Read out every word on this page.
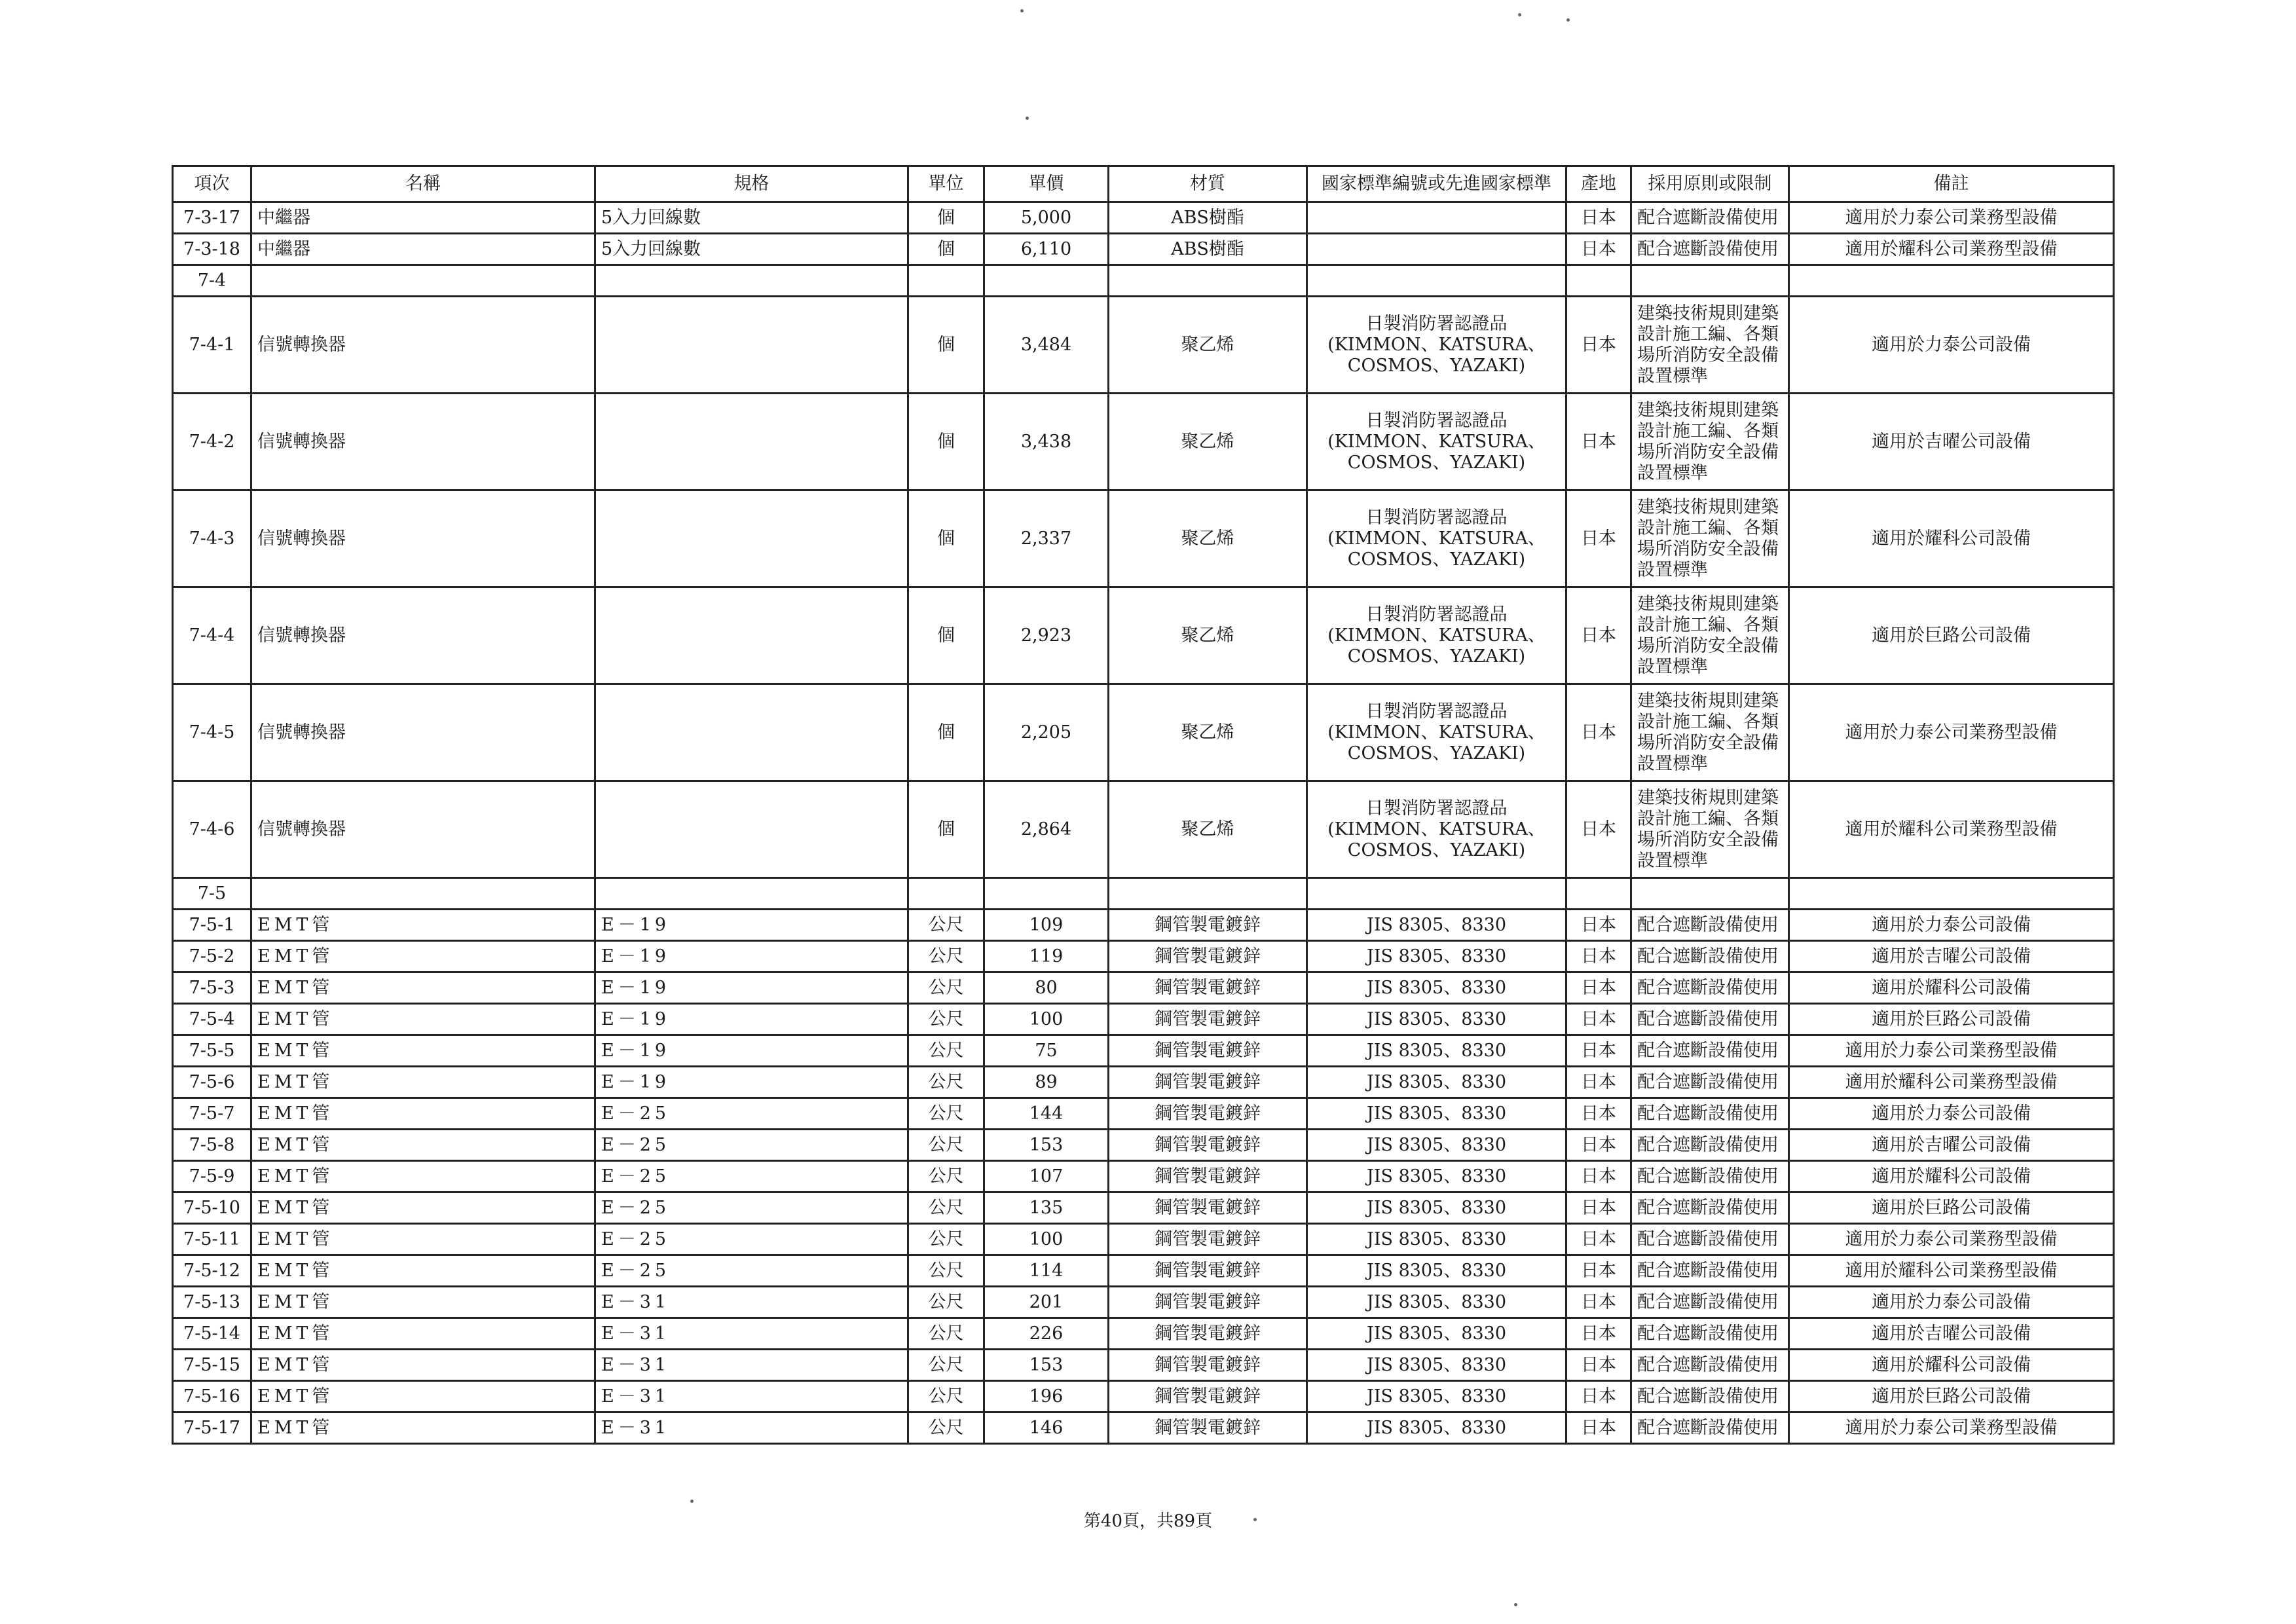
項次	名稱	規格	單位	單價	材質	國家標準編號或先進國家標準	產地	採用原則或限制	備註
7-3-17	中繼器	5入力回線數	個	5,000	ABS樹酯		日本	配合遮斷設備使用	適用於力泰公司業務型設備
7-3-18	中繼器	5入力回線數	個	6,110	ABS樹酯		日本	配合遮斷設備使用	適用於耀科公司業務型設備
7-4									
7-4-1	信號轉換器		個	3,484	聚乙烯	日製消防署認證品(KIMMON、KATSURA、COSMOS、YAZAKI)	日本	建築技術規則建築設計施工編、各類場所消防安全設備設置標準	適用於力泰公司設備
7-4-2	信號轉換器		個	3,438	聚乙烯	日製消防署認證品(KIMMON、KATSURA、COSMOS、YAZAKI)	日本	建築技術規則建築設計施工編、各類場所消防安全設備設置標準	適用於吉曜公司設備
7-4-3	信號轉換器		個	2,337	聚乙烯	日製消防署認證品(KIMMON、KATSURA、COSMOS、YAZAKI)	日本	建築技術規則建築設計施工編、各類場所消防安全設備設置標準	適用於耀科公司設備
7-4-4	信號轉換器		個	2,923	聚乙烯	日製消防署認證品(KIMMON、KATSURA、COSMOS、YAZAKI)	日本	建築技術規則建築設計施工編、各類場所消防安全設備設置標準	適用於巨路公司設備
7-4-5	信號轉換器		個	2,205	聚乙烯	日製消防署認證品(KIMMON、KATSURA、COSMOS、YAZAKI)	日本	建築技術規則建築設計施工編、各類場所消防安全設備設置標準	適用於力泰公司業務型設備
7-4-6	信號轉換器		個	2,864	聚乙烯	日製消防署認證品(KIMMON、KATSURA、COSMOS、YAZAKI)	日本	建築技術規則建築設計施工編、各類場所消防安全設備設置標準	適用於耀科公司業務型設備
7-5									
7-5-1	EMT管	E－19	公尺	109	鋼管製電鍍鋅	JIS 8305、8330	日本	配合遮斷設備使用	適用於力泰公司設備
7-5-2	EMT管	E－19	公尺	119	鋼管製電鍍鋅	JIS 8305、8330	日本	配合遮斷設備使用	適用於吉曜公司設備
7-5-3	EMT管	E－19	公尺	80	鋼管製電鍍鋅	JIS 8305、8330	日本	配合遮斷設備使用	適用於耀科公司設備
7-5-4	EMT管	E－19	公尺	100	鋼管製電鍍鋅	JIS 8305、8330	日本	配合遮斷設備使用	適用於巨路公司設備
7-5-5	EMT管	E－19	公尺	75	鋼管製電鍍鋅	JIS 8305、8330	日本	配合遮斷設備使用	適用於力泰公司業務型設備
7-5-6	EMT管	E－19	公尺	89	鋼管製電鍍鋅	JIS 8305、8330	日本	配合遮斷設備使用	適用於耀科公司業務型設備
7-5-7	EMT管	E－25	公尺	144	鋼管製電鍍鋅	JIS 8305、8330	日本	配合遮斷設備使用	適用於力泰公司設備
7-5-8	EMT管	E－25	公尺	153	鋼管製電鍍鋅	JIS 8305、8330	日本	配合遮斷設備使用	適用於吉曜公司設備
7-5-9	EMT管	E－25	公尺	107	鋼管製電鍍鋅	JIS 8305、8330	日本	配合遮斷設備使用	適用於耀科公司設備
7-5-10	EMT管	E－25	公尺	135	鋼管製電鍍鋅	JIS 8305、8330	日本	配合遮斷設備使用	適用於巨路公司設備
7-5-11	EMT管	E－25	公尺	100	鋼管製電鍍鋅	JIS 8305、8330	日本	配合遮斷設備使用	適用於力泰公司業務型設備
7-5-12	EMT管	E－25	公尺	114	鋼管製電鍍鋅	JIS 8305、8330	日本	配合遮斷設備使用	適用於耀科公司業務型設備
7-5-13	EMT管	E－31	公尺	201	鋼管製電鍍鋅	JIS 8305、8330	日本	配合遮斷設備使用	適用於力泰公司設備
7-5-14	EMT管	E－31	公尺	226	鋼管製電鍍鋅	JIS 8305、8330	日本	配合遮斷設備使用	適用於吉曜公司設備
7-5-15	EMT管	E－31	公尺	153	鋼管製電鍍鋅	JIS 8305、8330	日本	配合遮斷設備使用	適用於耀科公司設備
7-5-16	EMT管	E－31	公尺	196	鋼管製電鍍鋅	JIS 8305、8330	日本	配合遮斷設備使用	適用於巨路公司設備
7-5-17	EMT管	E－31	公尺	146	鋼管製電鍍鋅	JIS 8305、8330	日本	配合遮斷設備使用	適用於力泰公司業務型設備
第40頁，共89頁
